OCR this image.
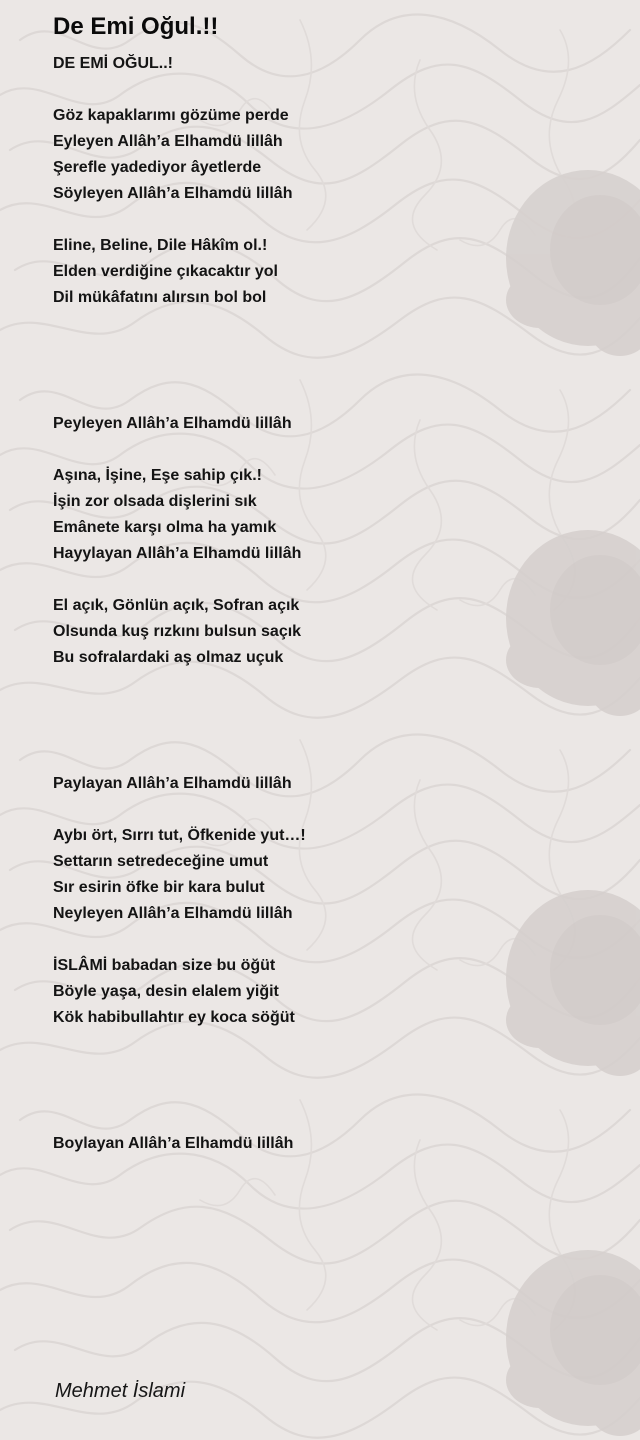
De Emi Oğul.!!
DE EMİ OĞUL..!
Göz kapaklarımı gözüme perde
Eyleyen Allâh’a Elhamdü lillâh
Şerefle yadediyor âyetlerde
Söyleyen Allâh’a Elhamdü lillâh
Eline, Beline, Dile Hâkîm ol.!
Elden verdiğine çıkacaktır yol
Dil mükâfatını alırsın bol bol
Peyleyen Allâh’a Elhamdü lillâh
Aşına, İşine, Eşe sahip çık.!
İşin zor olsada dişlerini sık
Emânete karşı olma ha yamık
Hayylayan Allâh’a Elhamdü lillâh
El açık, Gönlün açık, Sofran açık
Olsunda kuş rızkını bulsun saçık
Bu sofralardaki aş olmaz uçuk
Paylayan Allâh’a Elhamdü lillâh
Aybı ört, Sırrı tut, Öfkenide yut…!
Settarın setredeceğine umut
Sır esirin öfke bir kara bulut
Neyleyen Allâh’a Elhamdü lillâh
İSLÂMİ babadan size bu öğüt
Böyle yaşa, desin elalem yiğit
Kök habibullahtır ey koca söğüt
Boylayan Allâh’a Elhamdü lillâh
Mehmet İslami
